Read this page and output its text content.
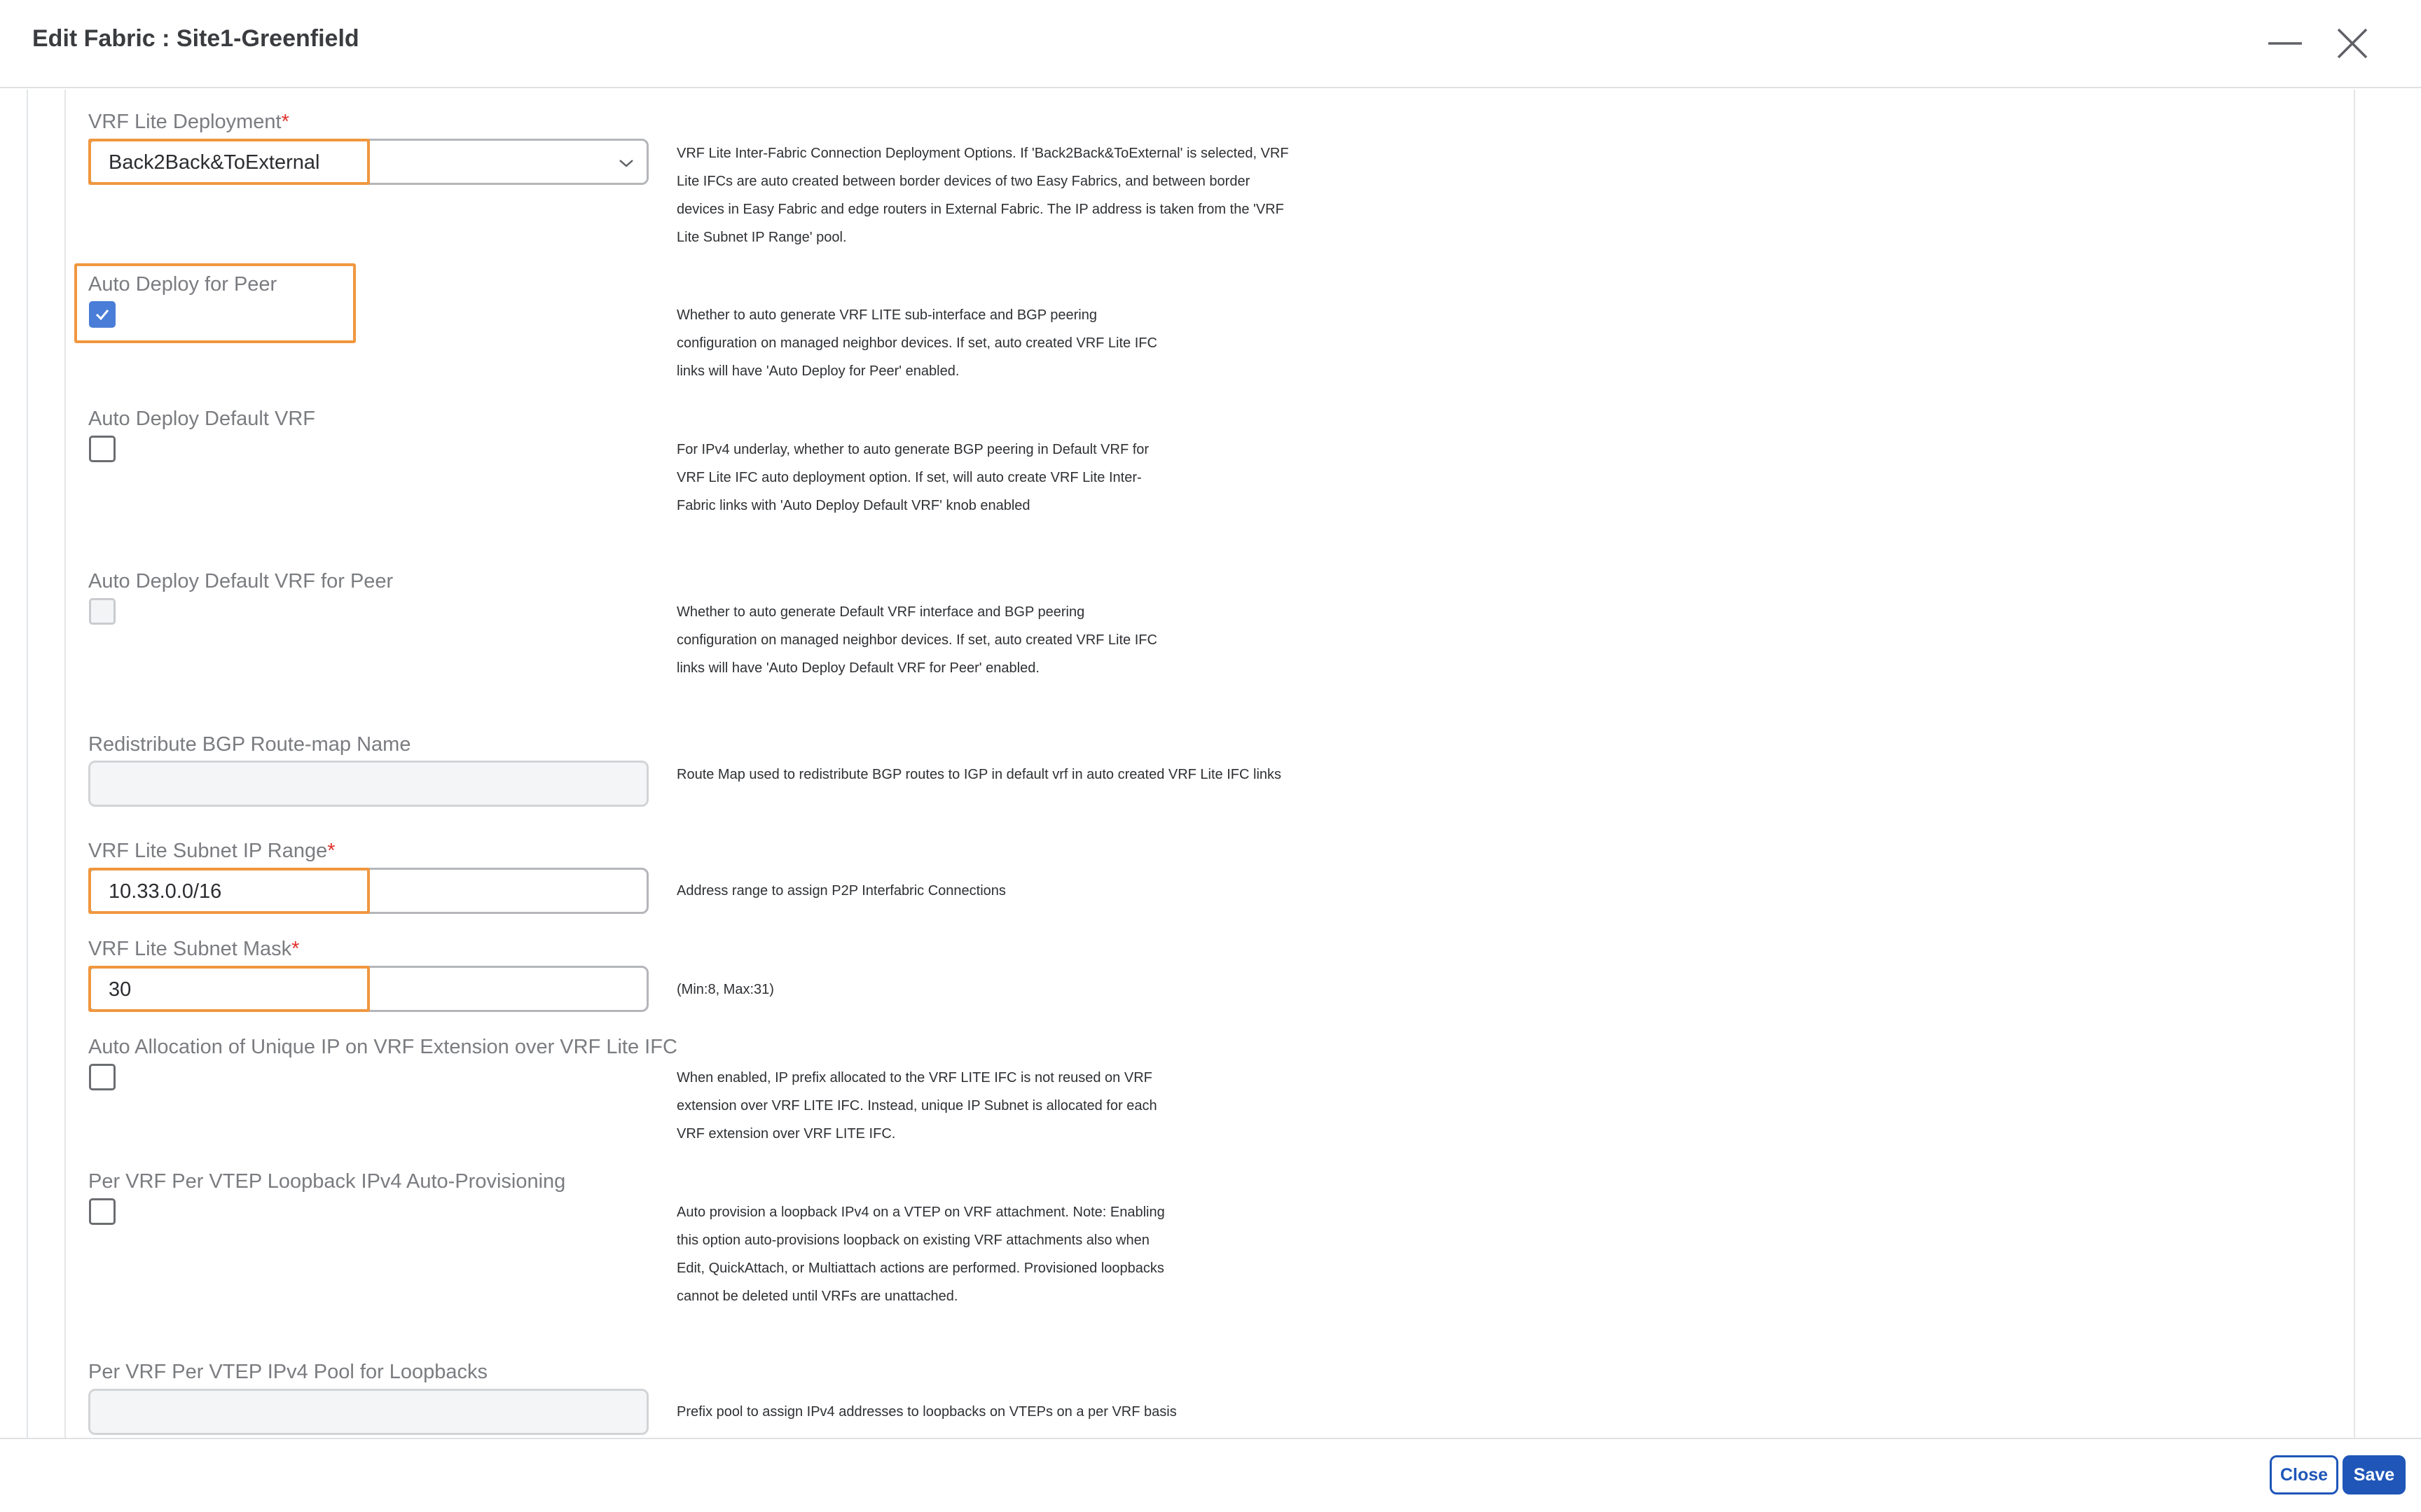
Edit Fabric : Site1-Greenfield
VRF Lite Deployment*
Back2Back&ToExternal	VRF Lite Inter-Fabric Connection Deployment Options. If 'Back2Back&ToExternal' is selected, VRF Lite IFCs are auto created between border devices of two Easy Fabrics, and between border devices in Easy Fabric and edge routers in External Fabric. The IP address is taken from the 'VRF Lite Subnet IP Range' pool.
Auto Deploy for Peer
Whether to auto generate VRF LITE sub-interface and BGP peering configuration on managed neighbor devices. If set, auto created VRF Lite IFC links will have 'Auto Deploy for Peer' enabled.
Auto Deploy Default VRF
For IPv4 underlay, whether to auto generate BGP peering in Default VRF for VRF Lite IFC auto deployment option. If set, will auto create VRF Lite Inter-Fabric links with 'Auto Deploy Default VRF' knob enabled
Auto Deploy Default VRF for Peer
Whether to auto generate Default VRF interface and BGP peering configuration on managed neighbor devices. If set, auto created VRF Lite IFC links will have 'Auto Deploy Default VRF for Peer' enabled.
Redistribute BGP Route-map Name
Route Map used to redistribute BGP routes to IGP in default vrf in auto created VRF Lite IFC links
VRF Lite Subnet IP Range*
10.33.0.0/16	Address range to assign P2P Interfabric Connections
VRF Lite Subnet Mask*
30	(Min:8, Max:31)
Auto Allocation of Unique IP on VRF Extension over VRF Lite IFC
When enabled, IP prefix allocated to the VRF LITE IFC is not reused on VRF extension over VRF LITE IFC. Instead, unique IP Subnet is allocated for each VRF extension over VRF LITE IFC.
Per VRF Per VTEP Loopback IPv4 Auto-Provisioning
Auto provision a loopback IPv4 on a VTEP on VRF attachment. Note: Enabling this option auto-provisions loopback on existing VRF attachments also when Edit, QuickAttach, or Multiattach actions are performed. Provisioned loopbacks cannot be deleted until VRFs are unattached.
Per VRF Per VTEP IPv4 Pool for Loopbacks
Prefix pool to assign IPv4 addresses to loopbacks on VTEPs on a per VRF basis
Close	Save
